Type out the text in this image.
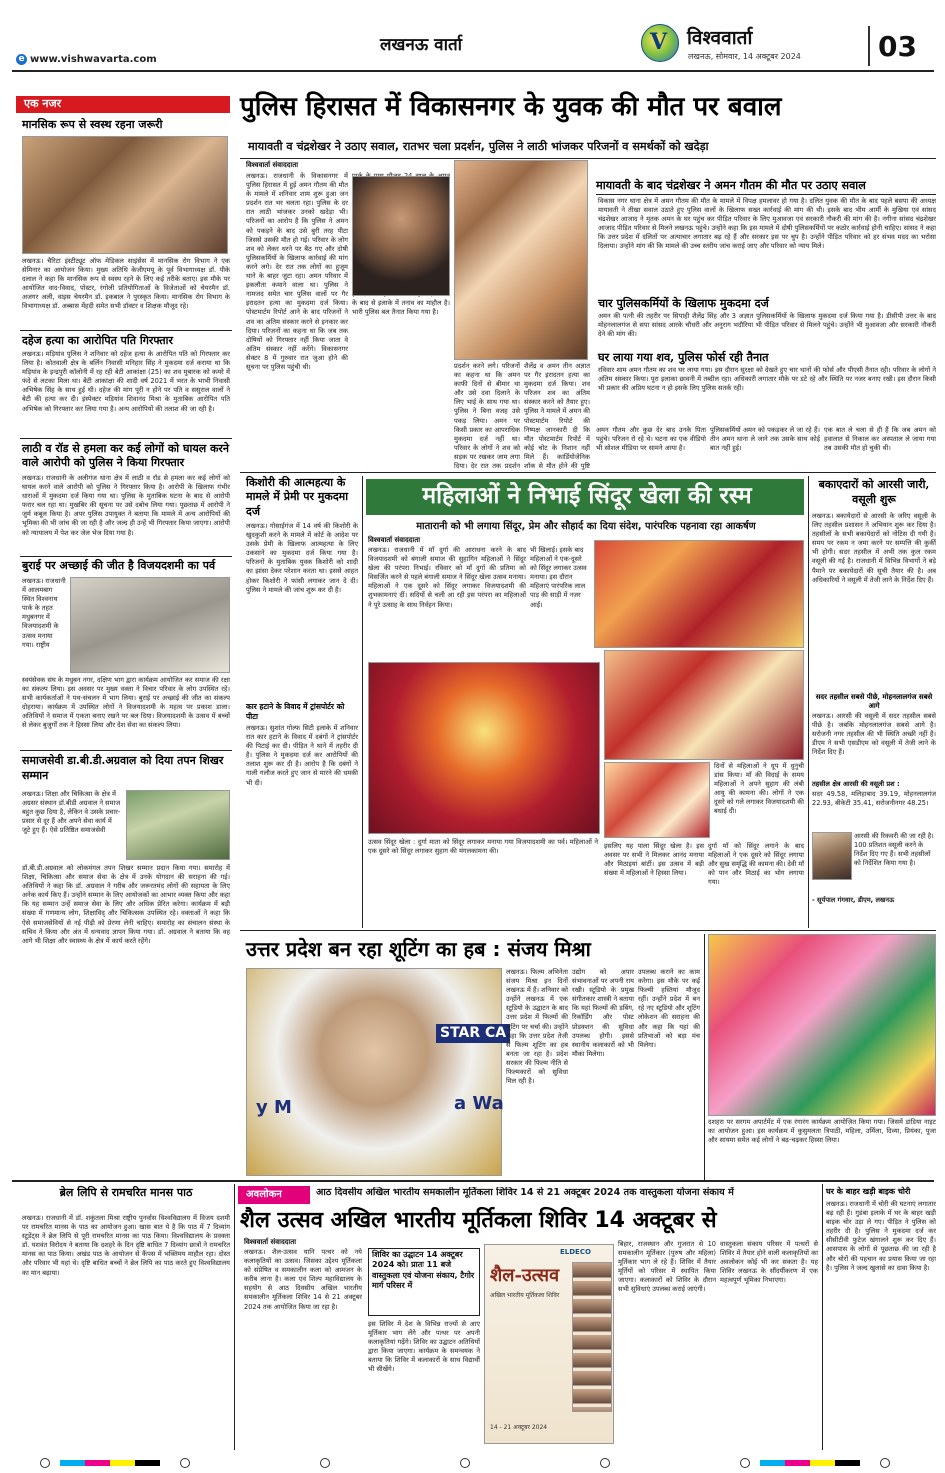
e www.vishwavarta.com
लखनऊ वार्ता	V विश्ववार्ता
लखनऊ, सोमवार, 14 अक्टूबर 2024	03
एक नजर
मानसिक रूप से स्वस्थ रहना जरूरी
लखनऊ। चैरिटा इंस्टीट्यूट ऑफ मेडिकल साइंसेस में मानसिक रोग विभाग ने एक सेमिनार का आयोजन किया। मुख्य अतिथि केजीएमयू के पूर्व विभागाध्यक्ष डॉ. पीके दलाल ने कहा कि मानसिक रूप से स्वस्थ रहने के लिए कई तरीके बताए। इस मौके पर आयोजित वाद-विवाद, पोस्टर, रंगोली प्रतियोगिताओं के विजेताओं को चेयरमैन डॉ. अजगर अली, वाइस चेयरमैन डॉ. इकबाल ने पुरस्कृत किया। मानसिक रोग विभाग के विभागाध्यक्ष डॉ. अब्बास मेंहदी समेत सभी डॉक्टर व शिक्षक मौजूद रहे।
दहेज हत्या का आरोपित पति गिरफ्तार
लखनऊ। मड़ियांव पुलिस ने शनिवार को दहेज हत्या के आरोपित पति को गिरफ्तार कर लिया है। कोतवाली क्षेत्र के बर्लिन निवासी मनिहार सिंह ने मुकदमा दर्ज कराया था कि मड़ियांव के इन्द्रपुरी कॉलोनी में रह रही बेटी आकांक्षा (25) का शव मुबारक को कमरे में फंदे से लटका मिला था। बेटी आकांक्षा की शादी वर्ष 2021 में भरत के भाभी निवासी अभिषेक सिंह के साथ हुई थी। दहेज की मांग पूरी न होने पर पति व ससुराल वालों ने बेटी की हत्या कर दी। इंस्पेक्टर मड़ियांव शिवानंद मिश्रा के मुताबिक आरोपित पति अभिषेक को गिरफ्तार कर लिया गया है। अन्य आरोपियों की तलाश की जा रही है।
लाठी व रॉड से हमला कर कई लोगों को घायल करने वाले आरोपी को पुलिस ने किया गिरफ्तार
लखनऊ। राजधानी के अलीगंज थाना क्षेत्र में लाठी व रॉड से हमला कर कई लोगों को घायल करने वाले आरोपी को पुलिस ने गिरफ्तार किया है। आरोपी के खिलाफ गंभीर धाराओं में मुकदमा दर्ज किया गया था। पुलिस के मुताबिक घटना के बाद से आरोपी फरार चल रहा था। मुखबिर की सूचना पर उसे दबोच लिया गया। पूछताछ में आरोपी ने जुर्म कबूल किया है। अपर पुलिस उपायुक्त ने बताया कि मामले में अन्य आरोपियों की भूमिका की भी जांच की जा रही है और जल्द ही उन्हें भी गिरफ्तार किया जाएगा। आरोपी को न्यायालय में पेश कर जेल भेज दिया गया है।
बुराई पर अच्छाई की जीत है विजयदशमी का पर्व
लखनऊ। राजधानी में आलमबाग स्थित विश्वनाथ पार्क के तहत मधुबनगर में विजयादशमी के उत्सव मनाया गया। राष्ट्रीय
स्वयंसेवक संघ के मधुबन नगर, दक्षिण भाग द्वारा कार्यक्रम आयोजित कर समाज की रक्षा का संकल्प लिया। इस अवसर पर मुख्य वक्ता ने विचार परिवार के लोग उपस्थित रहे। सभी कार्यकर्ताओं ने पथ-संचलन में भाग लिया। बुराई पर अच्छाई की जीत का संकल्प दोहराया। कार्यक्रम में उपस्थित लोगों ने विजयादशमी के महत्व पर प्रकाश डाला। अतिथियों ने समाज में एकता बनाए रखने पर बल दिया। विजयादशमी के उत्सव में बच्चों से लेकर बुजुर्गों तक ने हिस्सा लिया और देश सेवा का संकल्प लिया।
समाजसेवी डा.बी.डी.अग्रवाल को दिया तपन शिखर सम्मान
लखनऊ। शिक्षा और चिकित्सा के क्षेत्र में अग्रसर संस्थान डॉ.बीडी अग्रवाल ने समाज बहुत कुछ दिया है, लेकिन वे उसके प्रचार-प्रसार से दूर हैं और अपने सेवा कार्य में जुटे हुए हैं। ऐसे प्रतिष्ठित समाजसेवी
डॉ.बी.डी.अग्रवाल को लोकमंगल तपन शिखर सम्मान प्रदान किया गया। समारोह में शिक्षा, चिकित्सा और समाज सेवा के क्षेत्र में उनके योगदान की सराहना की गई। अतिथियों ने कहा कि डॉ. अग्रवाल ने गरीब और जरूरतमंद लोगों की सहायता के लिए अनेक कार्य किए हैं। उन्होंने सम्मान के लिए आयोजकों का आभार व्यक्त किया और कहा कि यह सम्मान उन्हें समाज सेवा के लिए और अधिक प्रेरित करेगा। कार्यक्रम में बड़ी संख्या में गणमान्य लोग, शिक्षाविद् और चिकित्सक उपस्थित रहे। वक्ताओं ने कहा कि ऐसे समाजसेवियों से नई पीढ़ी को प्रेरणा लेनी चाहिए। समारोह का संचालन संस्था के सचिव ने किया और अंत में धन्यवाद ज्ञापन किया गया। डॉ. अग्रवाल ने बताया कि वह आगे भी शिक्षा और स्वास्थ्य के क्षेत्र में कार्य करते रहेंगे।
पुलिस हिरासत में विकासनगर के युवक की मौत पर बवाल
मायावती व चंद्रशेखर ने उठाए सवाल, रातभर चला प्रदर्शन, पुलिस ने लाठी भांजकर परिजनों व समर्थकों को खदेड़ा
विश्ववार्ता संवाददाता
लखनऊ। राजधानी के विकासनगर में पुलिस हिरासत में हुई अमन गौतम की मौत के मामले में शनिवार शाम शुरू हुआ जन प्रदर्शन रात भर चलता रहा। पुलिस के दर रात लाठी भांजकर उनको खदेड़ा भी। परिजनों का आरोप है कि पुलिस ने अमन को पकड़ने के बाद उसे बुरी तरह पीटा जिससे उसकी मौत हो गई। परिवार के लोग शव को लेकर धरने पर बैठ गए और दोषी पुलिसकर्मियों के खिलाफ कार्रवाई की मांग करने लगे। देर रात तक लोगों का हुजूम थाने के बाहर जुटा रहा। अमन परिवार में इकलौता कमाने वाला था। पुलिस ने नामजद समेत चार पुलिस वालों पर गैर इरादतन हत्या का मुकदमा दर्ज किया। पोस्टमार्टम रिपोर्ट आने के बाद परिजनों ने शव का अंतिम संस्कार करने से इनकार कर दिया। परिजनों का कहना था कि जब तक दोषियों को गिरफ्तार नहीं किया जाता वे अंतिम संस्कार नहीं करेंगे। विकासनगर सेक्टर 8 में गुरुवार रात जुआ होने की सूचना पर पुलिस पहुंची थी।
के बाद से इलाके में तनाव का माहौल है। भारी पुलिस बल तैनात किया गया है।
प्रदर्शन करने लगे। परिजनों का कहना था कि अमन काफी दिनों से बीमार था और उसे दवा दिलाने के लिए भाई के साथ गया था। पुलिस ने बिना वजह उसे पकड़ लिया। अमन पर किसी प्रकार का आपराधिक मुकदमा दर्ज नहीं था। परिवार के लोगों ने शव को सड़क पर रखकर जाम लगा दिया। देर रात तक प्रदर्शन
शैलेंद्र व अमन तीन अज्ञात पर गैर इरादतन हत्या का मुकदमा दर्ज किया। शव परिजन शव का अंतिम संस्कार करने को तैयार हुए। पुलिस ने मामले में अमन की पोस्टमार्टम रिपोर्ट की निष्पक्ष जानकारी दी कि मौत पोस्टमार्टम रिपोर्ट में कोई चोट के निशान नहीं मिले हैं। कार्डियोजेनिक शॉक से मौत होने की पुष्टि
मायावती के बाद चंद्रशेखर ने अमन गौतम की मौत पर उठाए सवाल
विकास नगर थाना क्षेत्र में अमन गौतम की मौत के मामले में विपक्ष हमलावर हो गया है। दलित युवक की मौत के बाद पहले बसपा की अध्यक्ष मायावती ने तीखा सवाल उठाते हुए पुलिस वालों के खिलाफ सख्त कार्रवाई की मांग की थी। इसके बाद भीम आर्मी के मुखिया एवं सांसद चंद्रशेखर आजाद ने मृतक अमन के घर पहुंच कर पीड़ित परिवार के लिए मुआवजा एवं सरकारी नौकरी की मांग की है। नगीना सांसद चंद्रशेखर आजाद पीड़ित परिवार से मिलने लखनऊ पहुंचे। उन्होंने कहा कि इस मामले में दोषी पुलिसकर्मियों पर कठोर कार्रवाई होनी चाहिए। सांसद ने कहा कि उत्तर प्रदेश में दलितों पर अत्याचार लगातार बढ़ रहे हैं और सरकार इस पर चुप है। उन्होंने पीड़ित परिवार को हर संभव मदद का भरोसा दिलाया। उन्होंने मांग की कि मामले की उच्च स्तरीय जांच कराई जाए और परिवार को न्याय मिले।
चार पुलिसकर्मियों के खिलाफ मुकदमा दर्ज
अमन की पत्नी की तहरीर पर सिपाही शैलेंद्र सिंह और 3 अज्ञात पुलिसकर्मियों के खिलाफ मुकदमा दर्ज किया गया है। डीसीपी उत्तर के बाद मोहनलालगंज से सपा सांसद आरके चौधरी और अनुराग भदौरिया भी पीड़ित परिवार से मिलने पहुंचे। उन्होंने भी मुआवजा और सरकारी नौकरी देने की मांग की।
घर लाया गया शव, पुलिस फोर्स रही तैनात
रविवार शाम अमन गौतम का शव घर लाया गया। इस दौरान सुरक्षा को देखते हुए चार थानों की फोर्स और पीएसी तैनात रही। परिवार के लोगों ने अंतिम संस्कार किया। पूरा इलाका छावनी में तब्दील रहा। अधिकारी लगातार मौके पर डटे रहे और स्थिति पर नजर बनाए रखी। इस दौरान किसी भी प्रकार की अप्रिय घटना न हो इसके लिए पुलिस सतर्क रही।
अमन गौतम और कुछ देर बाद उनके पिता पहुंचे। परिजन रो रहे थे। घटना का एक वीडियो भी सोशल मीडिया पर सामने आया है।
पुलिसकर्मियों अमन को पकड़कर ले जा रहे हैं। तीन अमन थाना ले जाने तक उसके साथ कोई बात नहीं हुई।
एक बात ले चला से ही हैं कि जब अमन को हवालात से निकाल कर अस्पताल ले जाया गया तब उसकी मौत हो चुकी थी।
किशोरी की आत्महत्या के मामले में प्रेमी पर मुकदमा दर्ज
लखनऊ। गोसाईगंज में 14 वर्ष की किशोरी के खुदकुशी करने के मामले में कोर्ट के आदेश पर उसके प्रेमी के खिलाफ आत्महत्या के लिए उकसाने का मुकदमा दर्ज किया गया है। परिजनों के मुताबिक युवक किशोरी को शादी का झांसा देकर परेशान करता था। इससे आहत होकर किशोरी ने फांसी लगाकर जान दे दी। पुलिस ने मामले की जांच शुरू कर दी है।
कार हटाने के विवाद में ट्रांसपोर्टर को पीटा
लखनऊ। सुशांत गोल्फ सिटी इलाके में शनिवार रात कार हटाने के विवाद में दबंगों ने ट्रांसपोर्टर की पिटाई कर दी। पीड़ित ने थाने में तहरीर दी है। पुलिस ने मुकदमा दर्ज कर आरोपियों की तलाश शुरू कर दी है। आरोप है कि दबंगों ने गाली गलौज करते हुए जान से मारने की धमकी भी दी।
महिलाओं ने निभाई सिंदूर खेला की रस्म
मातारानी को भी लगाया सिंदूर, प्रेम और सौहार्द का दिया संदेश, पारंपरिक पहनावा रहा आकर्षण
विश्ववार्ता संवाददाता
लखनऊ। राजधानी में माँ दुर्गा की आराधना करने के बाद विजयादशमी को बंगाली समाज की सुहागिन महिलाओं ने सिंदूर खेला की परंपरा निभाई। रविवार को माँ दुर्गा की प्रतिमा को विसर्जित करने से पहले बंगाली समाज ने सिंदूर खेला उत्सव मनाया। महिलाओं ने एक दूसरे को सिंदूर लगाकर विजयादशमी की शुभकामनाएं दीं। सदियों से चली आ रही इस परंपरा का महिलाओं ने पूरे उत्साह के साथ निर्वहन किया।
भी खिलाई। इसके बाद महिलाओं ने एक-दूसरे को सिंदूर लगाकर उत्सव मनाया। इस दौरान महिलाएं पारंपरिक लाल पाड़ की साड़ी में नजर आईं।
दिनों से महिलाओं ने धूप में धुनुची डांस किया। माँ की विदाई के समय महिलाओं ने अपने सुहाग की लंबी आयु की कामना की। लोगों ने एक दूसरे को गले लगाकर विजयादशमी की बधाई दी।
उत्सव सिंदूर खेला : दुर्गा माता को सिंदूर लगाकर मनाया गया विजयादशमी का पर्व। महिलाओं ने एक दूसरे को सिंदूर लगाकर सुहाग की मंगलकामना की।
इसलिए यह पाला सिंदूर खेला है। इस अवसर पर सभी ने मिलकर आनंद मनाया और मिठाइयां बांटीं। इस उत्सव में बड़ी संख्या में महिलाओं ने हिस्सा लिया।
दुर्गा माँ को सिंदूर लगाने के बाद महिलाओं ने एक दूसरे को सिंदूर लगाया और सुख समृद्धि की कामना की। देवी माँ को पान और मिठाई का भोग लगाया गया।
बकाएदारों को आरसी जारी, वसूली शुरू
लखनऊ। बकायेदारों से आरसी के जरिए वसूली के लिए तहसील प्रशासन ने अभियान शुरू कर दिया है। तहसीलों के सभी बकायेदारों को नोटिस दी गयी है। समय पर रकम न जमा करने पर सम्पत्ति की कुर्की भी होगी। सदर तहसील में अभी तक कुल रकम वसूली की गई है। राजधानी में विभिन्न विभागों ने बड़े पैमाने पर बकायेदारों की सूची तैयार की है। अब अधिकारियों ने वसूली में तेजी लाने के निर्देश दिए हैं।
सदर तहसील सबसे पीछे, मोहनलालगंज सबसे आगे
लखनऊ। आरसी की वसूली में सदर तहसील सबसे पीछे है। जबकि मोहनलालगंज सबसे आगे है। सरोजनी नगर तहसील की भी स्थिति अच्छी नहीं है। डीएम ने सभी एसडीएम को वसूली में तेजी लाने के निर्देश दिए हैं।
तहसील क्षेत्र आरसी की वसूली प्रश :
सदर 49.58, मलिहाबाद 39.19, मोहनलालगंज 22.93, बीकेटी 35.41, सरोजनीनगर 48.25।
आरसी की रिकवरी की जा रही है। 100 प्रतिशत वसूली करने के निर्देश दिए गए हैं। सभी तहसीलों को निर्देशित किया गया है।
- सूर्यपाल गंगवार, डीएम, लखनऊ
उत्तर प्रदेश बन रहा शूटिंग का हब : संजय मिश्रा
STAR CA
a Wa
y M
लखनऊ। फिल्म अभिनेता संजय मिश्रा इन दिनों लखनऊ में हैं। शनिवार को उन्होंने लखनऊ में एक स्टूडियो के उद्घाटन के बाद उत्तर प्रदेश में फिल्मों की शूटिंग पर चर्चा की। उन्होंने कहा कि उत्तर प्रदेश तेजी से फिल्म शूटिंग का हब बनता जा रहा है। प्रदेश सरकार की फिल्म नीति से फिल्मकारों को सुविधा मिल रही है।
उद्योग को अपार संभावनाओं पर अपनी राय रखी। स्टूडियो के प्रमुख संगीतकार शास्त्री ने बताया कि यहां फिल्मों की डबिंग, रिकॉर्डिंग और पोस्ट प्रोडक्शन की सुविधा उपलब्ध होगी। इससे स्थानीय कलाकारों को भी मौका मिलेगा।
उपलब्ध कराने का काम करेगा। इस मौके पर कई फिल्मी हस्तियां मौजूद रहीं। उन्होंने प्रदेश में बन रहे नए स्टूडियो और शूटिंग लोकेशन की सराहना की और कहा कि यहां की प्रतिभाओं को बड़ा मंच मिलेगा।
दशहरा पर सरगम अपार्टमेंट में एक रंगारंग कार्यक्रम आयोजित किया गया। जिसमें डांडिया नाइट का आयोजन हुआ। इस कार्यक्रम में कुसुमलता त्रिपाठी, महिला, उर्मिला, दिव्या, प्रियंका, पूजा और सायमा समेत कई लोगों ने बढ़-चढ़कर हिस्सा लिया।
ब्रेल लिपि से रामचरित मानस पाठ
लखनऊ। राजधानी में डॉ. शकुंतला मिश्रा राष्ट्रीय पुनर्वास विश्वविद्यालय में विजय दशमी पर रामचरित मानस के पाठ का आयोजन हुआ। खास बात ये है कि पाठ में 7 दिव्यांग स्टूडेंट्स ने ब्रेल लिपि से पूरी रामचरित मानस का पाठ किया। विश्वविद्यालय के प्रवक्ता डॉ. यशवंत विरोदय ने बताया कि दशहरे के दिन दृष्टि बाधित 7 दिव्यांग छात्रों ने रामचरित मानस का पाठ किया। अखंड पाठ के आयोजन से कैंपस में भक्तिमय माहौल रहा। दोस्त और परिवार भी यहां थे। दृष्टि बाधित बच्चों ने ब्रेल लिपि का पाठ करते हुए विश्वविद्यालय का मान बढ़ाया।
अवलोकन	आठ दिवसीय अखिल भारतीय समकालीन मूर्तिकला शिविर 14 से 21 अक्टूबर 2024 तक वास्तुकला योजना संकाय में
शैल उत्सव अखिल भारतीय मूर्तिकला शिविर 14 अक्टूबर से
विश्ववार्ता संवाददाता
लखनऊ। शैल-उत्सव यानि पत्थर को नये कलाकृतियों का उत्सव। जिसका उद्देश्य मूर्तिकला को संप्रेषित व समकालीन कला को आमजन के करीब लाना है। कला एवं शिल्प महाविद्यालय के सहयोग से आठ दिवसीय अखिल भारतीय समकालीन मूर्तिकला शिविर 14 से 21 अक्टूबर 2024 तक आयोजित किया जा रहा है।
शिविर का उद्घाटन 14 अक्टूबर 2024 को। प्रातः 11 बजे वास्तुकला एवं योजना संकाय, टैगोर मार्ग परिसर में
इस शिविर में देश के विभिन्न राज्यों से आए मूर्तिकार भाग लेंगे और पत्थर पर अपनी कलाकृतियां गढ़ेंगे। शिविर का उद्घाटन अतिथियों द्वारा किया जाएगा। कार्यक्रम के समन्वयक ने बताया कि शिविर में कलाकारों के साथ विद्यार्थी भी सीखेंगे।
शैल-उत्सव
अखिल भारतीय मूर्तिकला शिविर
14 - 21 अक्टूबर 2024
ELDECO
बिहार, राजस्थान और गुजरात से 10 समकालीन मूर्तिकार (पुरुष और महिला) मूर्तिकार भाग ले रहे हैं। शिविर में तैयार मूर्तियों को परिसर में स्थापित किया जाएगा। कलाकारों को शिविर के दौरान सभी सुविधाएं उपलब्ध कराई जाएंगी।
वास्तुकला संकाय परिसर में पत्थरों से शिविर में तैयार होने वाली कलाकृतियों का अवलोकन कोई भी कर सकता है। यह शिविर लखनऊ के सौंदर्यीकरण में एक महत्वपूर्ण भूमिका निभाएगा।
घर के बाहर खड़ी बाइक चोरी
लखनऊ। राजधानी में चोरी की घटनाएं लगातार बढ़ रही हैं। गुडंबा इलाके में घर के बाहर खड़ी बाइक चोर उड़ा ले गए। पीड़ित ने पुलिस को तहरीर दी है। पुलिस ने मुकदमा दर्ज कर सीसीटीवी फुटेज खंगालने शुरू कर दिए हैं। आसपास के लोगों से पूछताछ की जा रही है और चोरों की पहचान का प्रयास किया जा रहा है। पुलिस ने जल्द खुलासे का दावा किया है।
